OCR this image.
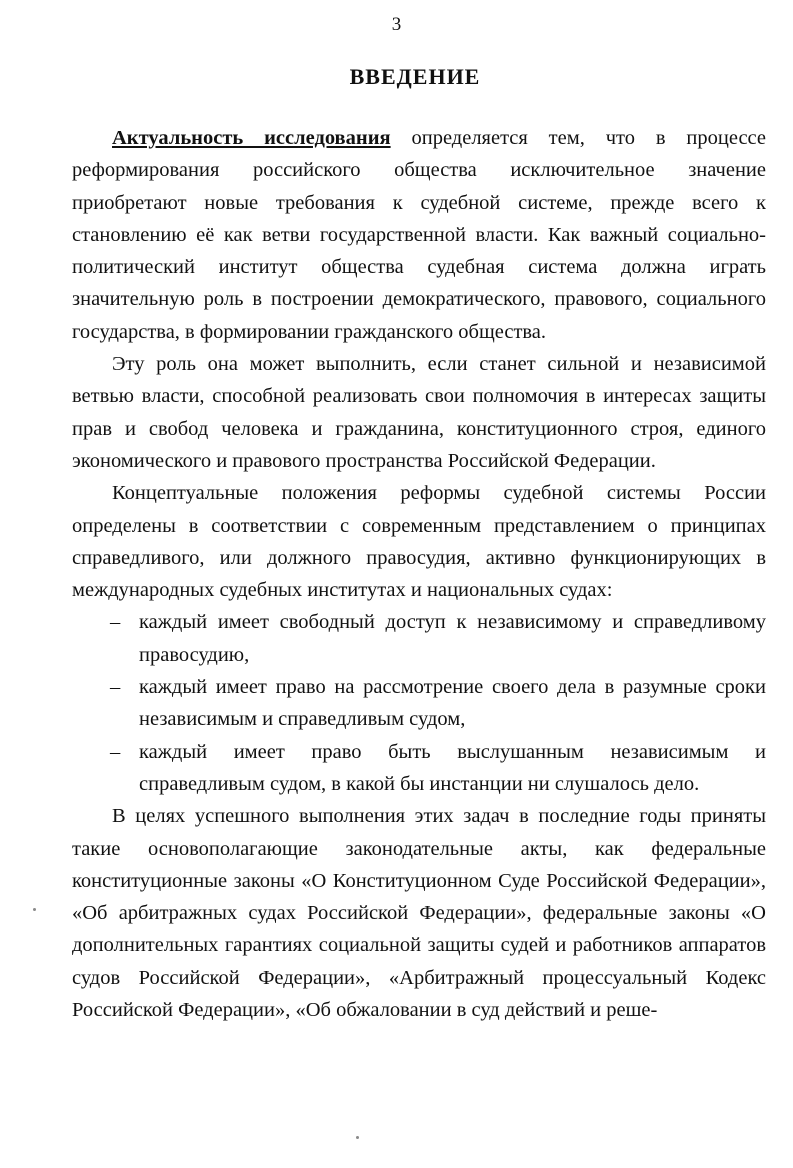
3
ВВЕДЕНИЕ

Актуальность исследования определяется тем, что в процессе реформирования российского общества исключительное значение приобретают новые требования к судебной системе, прежде всего к становлению её как ветви государственной власти. Как важный социально-политический институт общества судебная система должна играть значительную роль в построении демократического, правового, социального государства, в формировании гражданского общества.

Эту роль она может выполнить, если станет сильной и независимой ветвью власти, способной реализовать свои полномочия в интересах защиты прав и свобод человека и гражданина, конституционного строя, единого экономического и правового пространства Российской Федерации.

Концептуальные положения реформы судебной системы России определены в соответствии с современным представлением о принципах справедливого, или должного правосудия, активно функционирующих в международных судебных институтах и национальных судах:

– каждый имеет свободный доступ к независимому и справедливому правосудию,
– каждый имеет право на рассмотрение своего дела в разумные сроки независимым и справедливым судом,
– каждый имеет право быть выслушанным независимым и справедливым судом, в какой бы инстанции ни слушалось дело.

В целях успешного выполнения этих задач в последние годы приняты такие основополагающие законодательные акты, как федеральные конституционные законы «О Конституционном Суде Российской Федерации», «Об арбитражных судах Российской Федерации», федеральные законы «О дополнительных гарантиях социальной защиты судей и работников аппаратов судов Российской Федерации», «Арбитражный процессуальный Кодекс Российской Федерации», «Об обжаловании в суд действий и реше-
